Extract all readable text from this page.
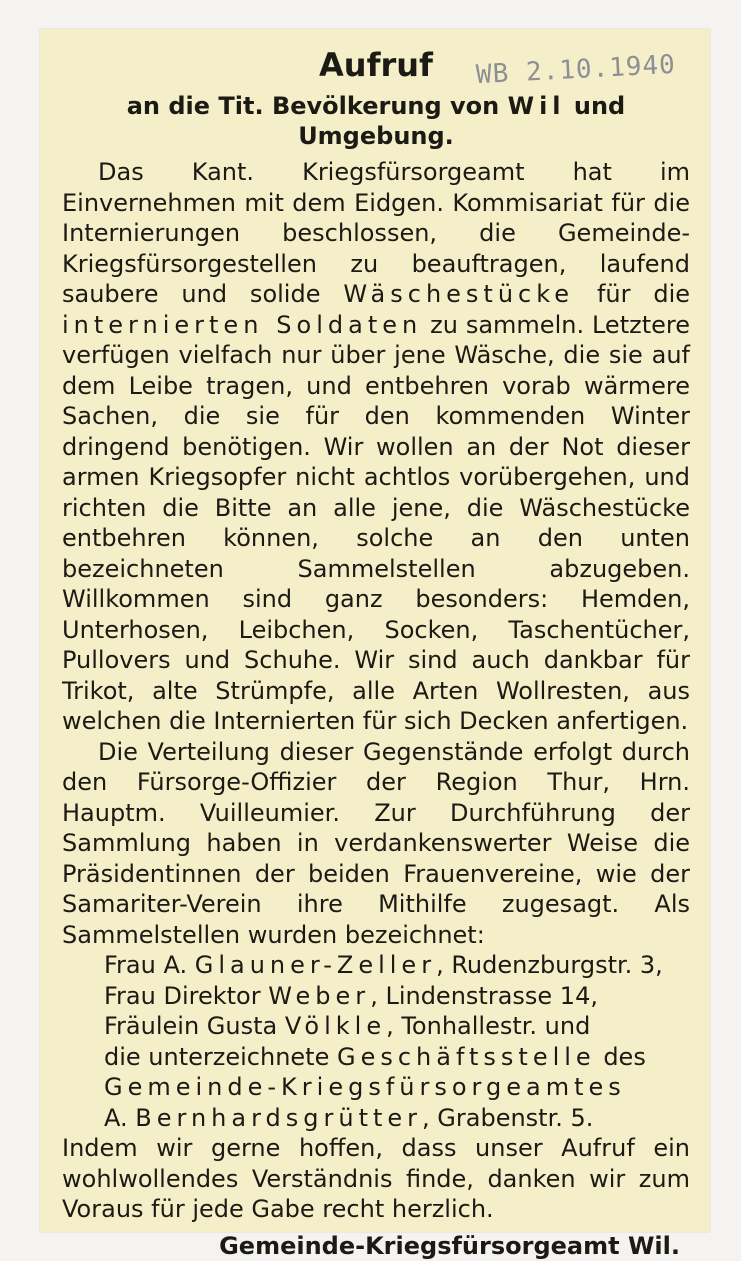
WB 2.10.1940
Aufruf
an die Tit. Bevölkerung von Wil und Umgebung.

Das Kant. Kriegsfürsorgeamt hat im Einvernehmen mit dem Eidgen. Kommisariat für die Internierungen beschlossen, die Gemeinde-Kriegsfürsorgestellen zu beauftragen, laufend saubere und solide Wäschestücke für die internierten Soldaten zu sammeln. Letztere verfügen vielfach nur über jene Wäsche, die sie auf dem Leibe tragen, und entbehren vorab wärmere Sachen, die sie für den kommenden Winter dringend benötigen. Wir wollen an der Not dieser armen Kriegsopfer nicht achtlos vorübergehen, und richten die Bitte an alle jene, die Wäschestücke entbehren können, solche an den unten bezeichneten Sammelstellen abzugeben. Willkommen sind ganz besonders: Hemden, Unterhosen, Leibchen, Socken, Taschentücher, Pullovers und Schuhe. Wir sind auch dankbar für Trikot, alte Strümpfe, alle Arten Wollresten, aus welchen die Internierten für sich Decken anfertigen.

Die Verteilung dieser Gegenstände erfolgt durch den Fürsorge-Offizier der Region Thur, Hrn. Hauptm. Vuilleumier. Zur Durchführung der Sammlung haben in verdankenswerter Weise die Präsidentinnen der beiden Frauenvereine, wie der Samariter-Verein ihre Mithilfe zugesagt. Als Sammelstellen wurden bezeichnet:

Frau A. Glauner-Zeller, Rudenzburgstr. 3,
Frau Direktor Weber, Lindenstrasse 14,
Fräulein Gusta Völkle, Tonhallestr. und
die unterzeichnete Geschäftsstelle des
Gemeinde-Kriegsfürsorgeamtes
A. Bernhardsgrütter, Grabenstr. 5.

Indem wir gerne hoffen, dass unser Aufruf ein wohlwollendes Verständnis finde, danken wir zum Voraus für jede Gabe recht herzlich.

Gemeinde-Kriegsfürsorgeamt Wil.
